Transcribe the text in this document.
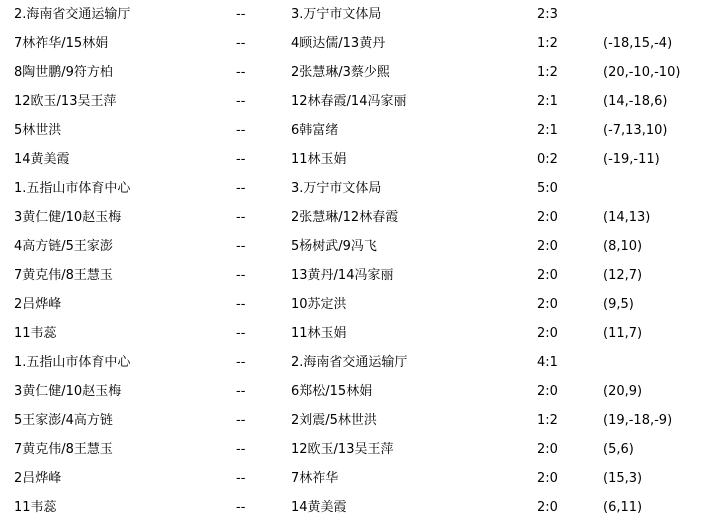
2.海南省交通运输厅	--	3.万宁市文体局	2:3
7林祚华/15林娟	--	4顾达儒/13黄丹	1:2	(-18,15,-4)
8陶世鹏/9符方柏	--	2张慧琳/3蔡少熙	1:2	(20,-10,-10)
12欧玉/13吴王萍	--	12林春霞/14冯家丽	2:1	(14,-18,6)
5林世洪	--	6韩富绪	2:1	(-7,13,10)
14黄美霞	--	11林玉娟	0:2	(-19,-11)
1.五指山市体育中心	--	3.万宁市文体局	5:0
3黄仁健/10赵玉梅	--	2张慧琳/12林春霞	2:0	(14,13)
4高方链/5王家澎	--	5杨树武/9冯飞	2:0	(8,10)
7黄克伟/8王慧玉	--	13黄丹/14冯家丽	2:0	(12,7)
2吕烨峰	--	10苏定洪	2:0	(9,5)
11韦蕊	--	11林玉娟	2:0	(11,7)
1.五指山市体育中心	--	2.海南省交通运输厅	4:1
3黄仁健/10赵玉梅	--	6郑松/15林娟	2:0	(20,9)
5王家澎/4高方链	--	2刘震/5林世洪	1:2	(19,-18,-9)
7黄克伟/8王慧玉	--	12欧玉/13吴王萍	2:0	(5,6)
2吕烨峰	--	7林祚华	2:0	(15,3)
11韦蕊	--	14黄美霞	2:0	(6,11)
